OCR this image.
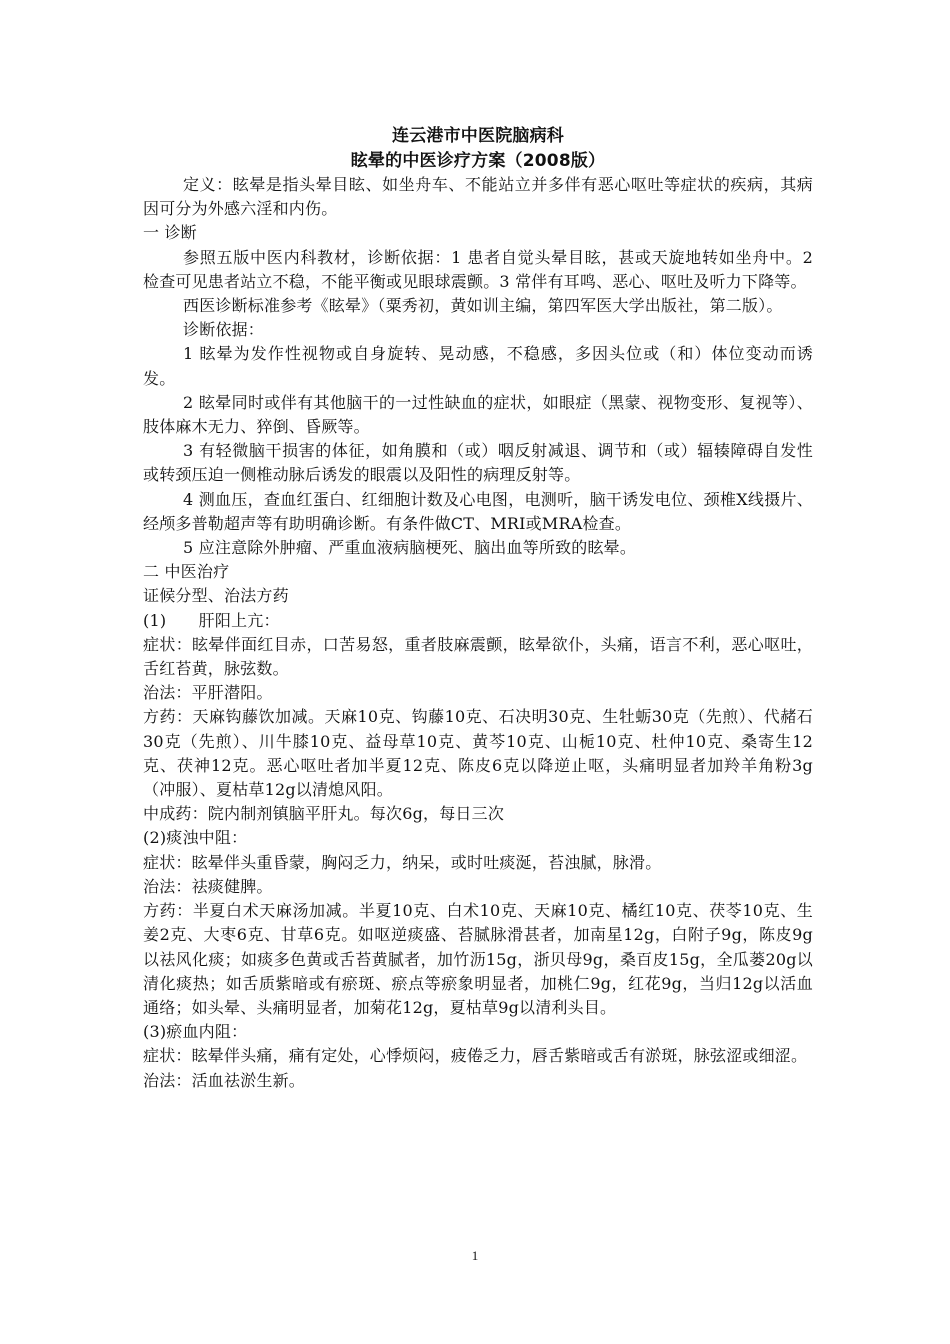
连云港市中医院脑病科
眩晕的中医诊疗方案（2008版）

定义：眩晕是指头晕目眩、如坐舟车、不能站立并多伴有恶心呕吐等症状的疾病，其病因可分为外感六淫和内伤。

一 诊断

参照五版中医内科教材，诊断依据：1 患者自觉头晕目眩，甚或天旋地转如坐舟中。2 检查可见患者站立不稳，不能平衡或见眼球震颤。3 常伴有耳鸣、恶心、呕吐及听力下降等。

西医诊断标准参考《眩晕》（粟秀初，黄如训主编，第四军医大学出版社，第二版）。

诊断依据：

1 眩晕为发作性视物或自身旋转、晃动感，不稳感，多因头位或（和）体位变动而诱发。

2 眩晕同时或伴有其他脑干的一过性缺血的症状，如眼症（黑蒙、视物变形、复视等）、肢体麻木无力、猝倒、昏厥等。

3 有轻微脑干损害的体征，如角膜和（或）咽反射减退、调节和（或）辐辏障碍自发性或转颈压迫一侧椎动脉后诱发的眼震以及阳性的病理反射等。

4 测血压，查血红蛋白、红细胞计数及心电图，电测听，脑干诱发电位、颈椎X线摄片、经颅多普勒超声等有助明确诊断。有条件做CT、MRI或MRA检查。

5 应注意除外肿瘤、严重血液病脑梗死、脑出血等所致的眩晕。

二 中医治疗

证候分型、治法方药

(1)　　肝阳上亢：

症状：眩晕伴面红目赤，口苦易怒，重者肢麻震颤，眩晕欲仆，头痛，语言不利，恶心呕吐，舌红苔黄，脉弦数。

治法：平肝潜阳。

方药：天麻钩藤饮加减。天麻10克、钩藤10克、石决明30克、生牡蛎30克（先煎）、代赭石30克（先煎）、川牛膝10克、益母草10克、黄芩10克、山栀10克、杜仲10克、桑寄生12克、茯神12克。恶心呕吐者加半夏12克、陈皮6克以降逆止呕，头痛明显者加羚羊角粉3g（冲服）、夏枯草12g以清熄风阳。

中成药：院内制剂镇脑平肝丸。每次6g，每日三次

(2)痰浊中阻：

症状：眩晕伴头重昏蒙，胸闷乏力，纳呆，或时吐痰涎，苔浊腻，脉滑。

治法：祛痰健脾。

方药：半夏白术天麻汤加减。半夏10克、白术10克、天麻10克、橘红10克、茯苓10克、生姜2克、大枣6克、甘草6克。如呕逆痰盛、苔腻脉滑甚者，加南星12g，白附子9g，陈皮9g以祛风化痰；如痰多色黄或舌苔黄腻者，加竹沥15g，浙贝母9g，桑百皮15g，全瓜蒌20g以清化痰热；如舌质紫暗或有瘀斑、瘀点等瘀象明显者，加桃仁9g，红花9g，当归12g以活血通络；如头晕、头痛明显者，加菊花12g，夏枯草9g以清利头目。

(3)瘀血内阻：

症状：眩晕伴头痛，痛有定处，心悸烦闷，疲倦乏力，唇舌紫暗或舌有淤斑，脉弦涩或细涩。

治法：活血祛淤生新。

1
